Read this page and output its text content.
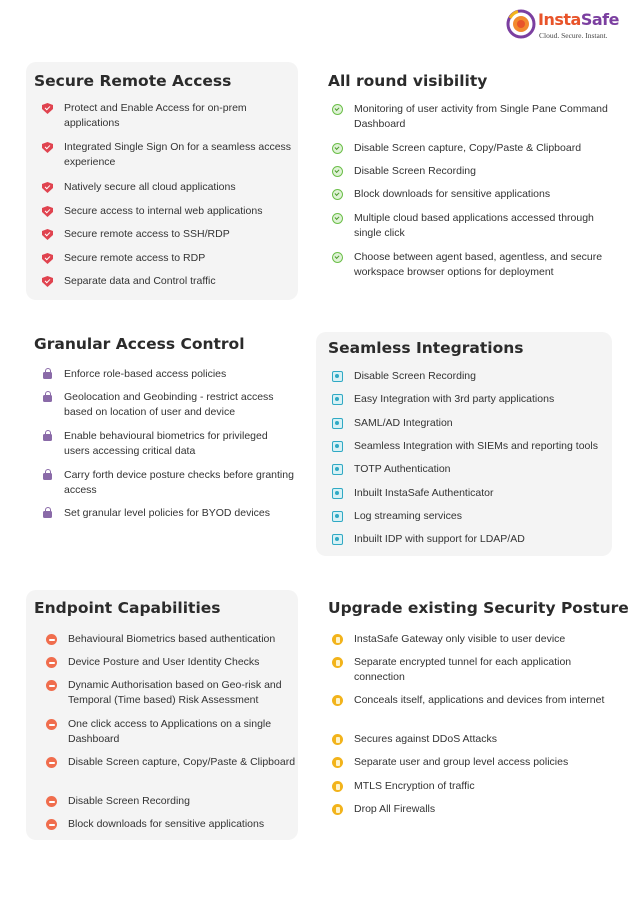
InstaSafe
Cloud. Secure. Instant.
Secure Remote Access
Protect and Enable Access for on-prem applications
Integrated Single Sign On for a seamless access experience
Natively secure all cloud applications
Secure access to internal web applications
Secure remote access to SSH/RDP
Secure remote access to RDP
Separate data and Control traffic
All round visibility
Monitoring of user activity from Single Pane Command Dashboard
Disable Screen capture, Copy/Paste & Clipboard
Disable Screen Recording
Block downloads for sensitive applications
Multiple cloud based applications accessed through single click
Choose between agent based, agentless, and secure workspace browser options for deployment
Granular Access Control
Enforce role-based access policies
Geolocation and Geobinding - restrict access based on location of user and device
Enable behavioural biometrics for privileged users accessing critical data
Carry forth device posture checks before granting access
Set granular level policies for BYOD devices
Seamless Integrations
Disable Screen Recording
Easy Integration with 3rd party applications
SAML/AD Integration
Seamless Integration with SIEMs and reporting tools
TOTP Authentication
Inbuilt InstaSafe Authenticator
Log streaming services
Inbuilt IDP with support for LDAP/AD
Endpoint Capabilities
Behavioural Biometrics based authentication
Device Posture and User Identity Checks
Dynamic Authorisation based on Geo-risk and Temporal (Time based) Risk Assessment
One click access to Applications on a single Dashboard
Disable Screen capture, Copy/Paste & Clipboard
Disable Screen Recording
Block downloads for sensitive applications
Upgrade existing Security Posture
InstaSafe Gateway only visible to user device
Separate encrypted tunnel for each application connection
Conceals itself, applications and devices from internet
Secures against DDoS Attacks
Separate user and group level access policies
MTLS Encryption of traffic
Drop All Firewalls
